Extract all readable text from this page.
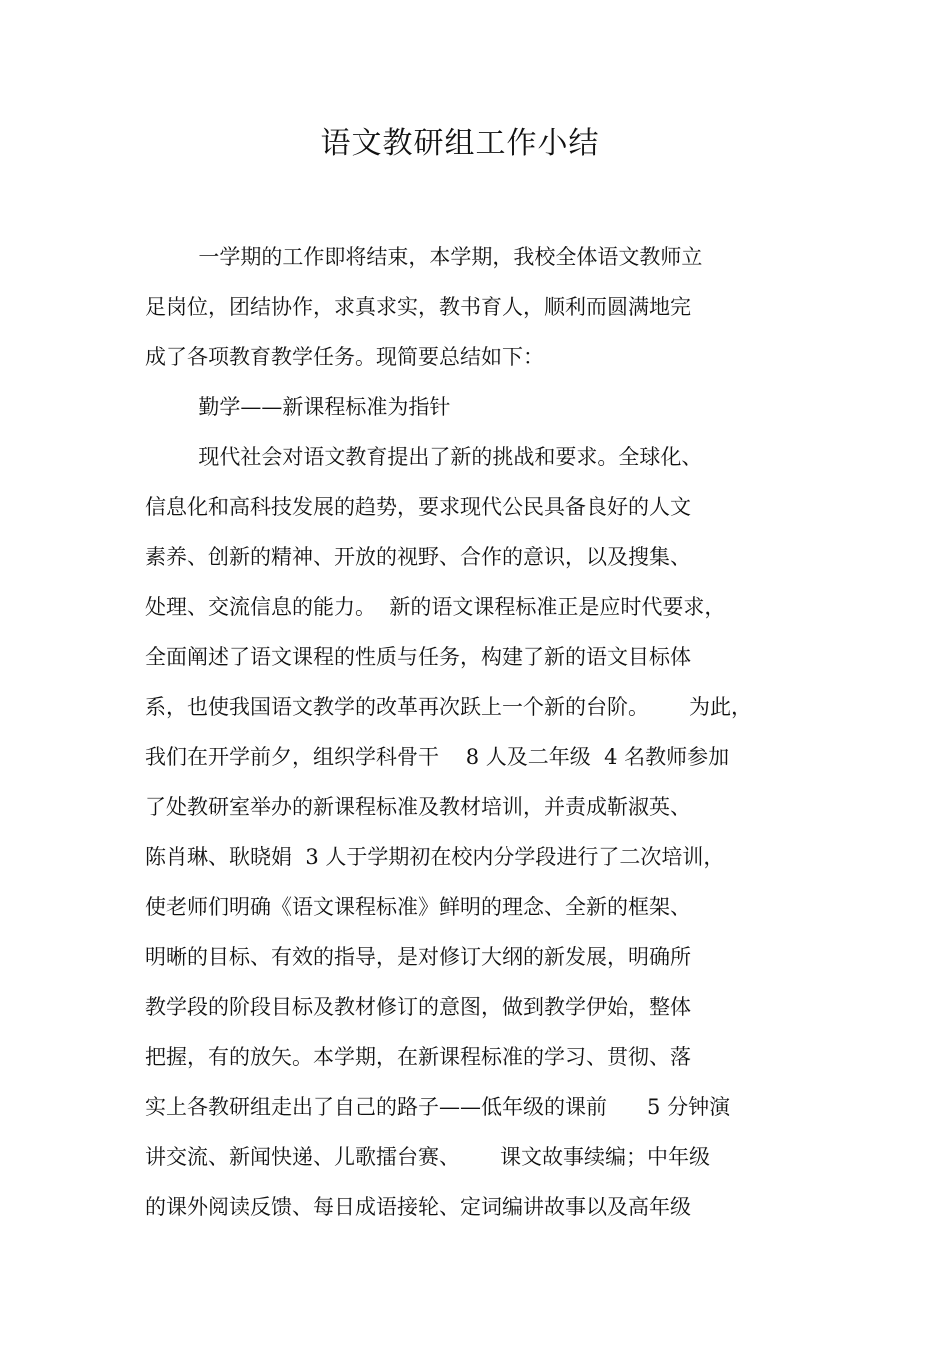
语文教研组工作小结
一学期的工作即将结束，本学期，我校全体语文教师立
足岗位，团结协作，求真求实，教书育人，顺利而圆满地完
成了各项教育教学任务。现简要总结如下：
勤学——新课程标准为指针
现代社会对语文教育提出了新的挑战和要求。全球化、
信息化和高科技发展的趋势，要求现代公民具备良好的人文
素养、创新的精神、开放的视野、合作的意识，以及搜集、
处理、交流信息的能力。  新的语文课程标准正是应时代要求，
全面阐述了语文课程的性质与任务，构建了新的语文目标体
系，也使我国语文教学的改革再次跃上一个新的台阶。      为此，
我们在开学前夕，组织学科骨干    8 人及二年级  4 名教师参加
了处教研室举办的新课程标准及教材培训，并责成靳淑英、
陈肖琳、耿晓娟  3 人于学期初在校内分学段进行了二次培训，
使老师们明确《语文课程标准》鲜明的理念、全新的框架、
明晰的目标、有效的指导，是对修订大纲的新发展，明确所
教学段的阶段目标及教材修订的意图，做到教学伊始，整体
把握，有的放矢。本学期，在新课程标准的学习、贯彻、落
实上各教研组走出了自己的路子——低年级的课前      5 分钟演
讲交流、新闻快递、儿歌擂台赛、      课文故事续编；中年级
的课外阅读反馈、每日成语接轮、定词编讲故事以及高年级
